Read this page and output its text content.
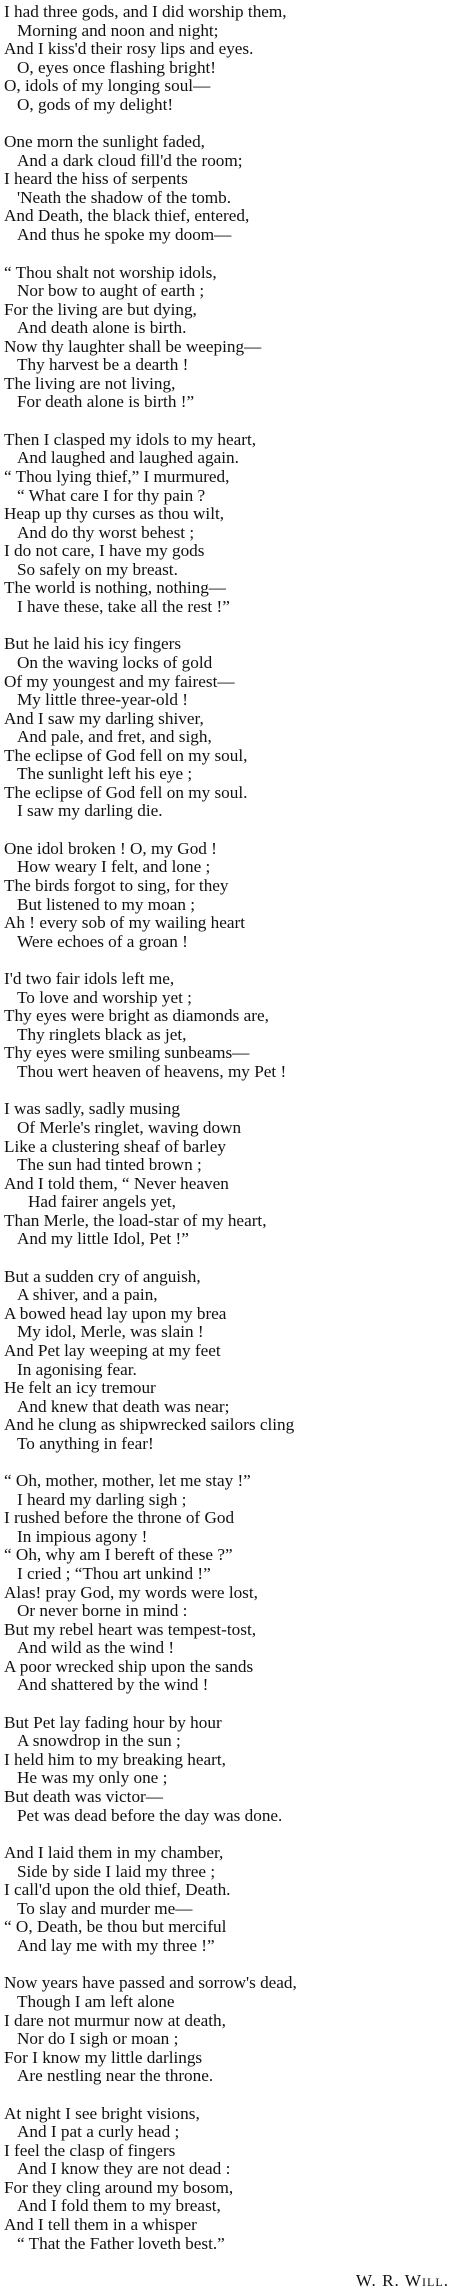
I had three gods, and I did worship them,
Morning and noon and night;
And I kiss'd their rosy lips and eyes.
O, eyes once flashing bright!
O, idols of my longing soul—
O, gods of my delight!
One morn the sunlight faded,
And a dark cloud fill'd the room;
I heard the hiss of serpents
'Neath the shadow of the tomb.
And Death, the black thief, entered,
And thus he spoke my doom—
“ Thou shalt not worship idols,
Nor bow to aught of earth ;
For the living are but dying,
And death alone is birth.
Now thy laughter shall be weeping—
Thy harvest be a dearth !
The living are not living,
For death alone is birth !”
Then I clasped my idols to my heart,
And laughed and laughed again.
“ Thou lying thief,” I murmured,
“ What care I for thy pain ?
Heap up thy curses as thou wilt,
And do thy worst behest ;
I do not care, I have my gods
So safely on my breast.
The world is nothing, nothing—
I have these, take all the rest !”
But he laid his icy fingers
On the waving locks of gold
Of my youngest and my fairest—
My little three-year-old !
And I saw my darling shiver,
And pale, and fret, and sigh,
The eclipse of God fell on my soul,
The sunlight left his eye ;
The eclipse of God fell on my soul.
I saw my darling die.
One idol broken ! O, my God !
How weary I felt, and lone ;
The birds forgot to sing, for they
But listened to my moan ;
Ah ! every sob of my wailing heart
Were echoes of a groan !
I'd two fair idols left me,
To love and worship yet ;
Thy eyes were bright as diamonds are,
Thy ringlets black as jet,
Thy eyes were smiling sunbeams—
Thou wert heaven of heavens, my Pet !
I was sadly, sadly musing
Of Merle's ringlet, waving down
Like a clustering sheaf of barley
The sun had tinted brown ;
And I told them, “ Never heaven
Had fairer angels yet,
Than Merle, the load-star of my heart,
And my little Idol, Pet !”
But a sudden cry of anguish,
A shiver, and a pain,
A bowed head lay upon my brea
My idol, Merle, was slain !
And Pet lay weeping at my feet
In agonising fear.
He felt an icy tremour
And knew that death was near;
And he clung as shipwrecked sailors cling
To anything in fear!
“ Oh, mother, mother, let me stay !”
I heard my darling sigh ;
I rushed before the throne of God
In impious agony !
“ Oh, why am I bereft of these ?”
I cried ; “Thou art unkind !”
Alas! pray God, my words were lost,
Or never borne in mind :
But my rebel heart was tempest-tost,
And wild as the wind !
A poor wrecked ship upon the sands
And shattered by the wind !
But Pet lay fading hour by hour
A snowdrop in the sun ;
I held him to my breaking heart,
He was my only one ;
But death was victor—
Pet was dead before the day was done.
And I laid them in my chamber,
Side by side I laid my three ;
I call'd upon the old thief, Death.
To slay and murder me—
“ O, Death, be thou but merciful
And lay me with my three !”
Now years have passed and sorrow's dead,
Though I am left alone
I dare not murmur now at death,
Nor do I sigh or moan ;
For I know my little darlings
Are nestling near the throne.
At night I see bright visions,
And I pat a curly head ;
I feel the clasp of fingers
And I know they are not dead :
For they cling around my bosom,
And I fold them to my breast,
And I tell them in a whisper
“ That the Father loveth best.”
W. R. Will.
